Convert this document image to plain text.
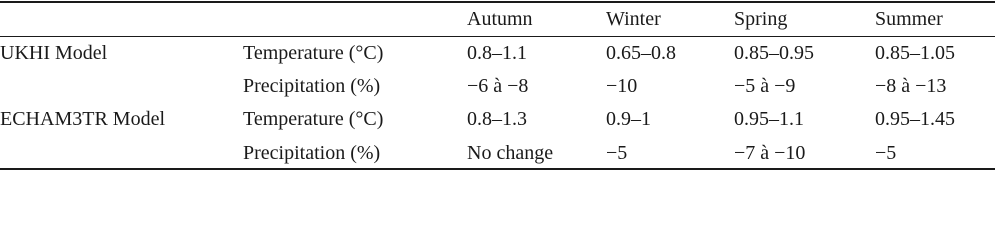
		Autumn	Winter	Spring	Summer
UKHI Model	Temperature (°C)	0.8–1.1	0.65–0.8	0.85–0.95	0.85–1.05
	Precipitation (%)	−6 à −8	−10	−5 à −9	−8 à −13
ECHAM3TR Model	Temperature (°C)	0.8–1.3	0.9–1	0.95–1.1	0.95–1.45
	Precipitation (%)	No change	−5	−7 à −10	−5
